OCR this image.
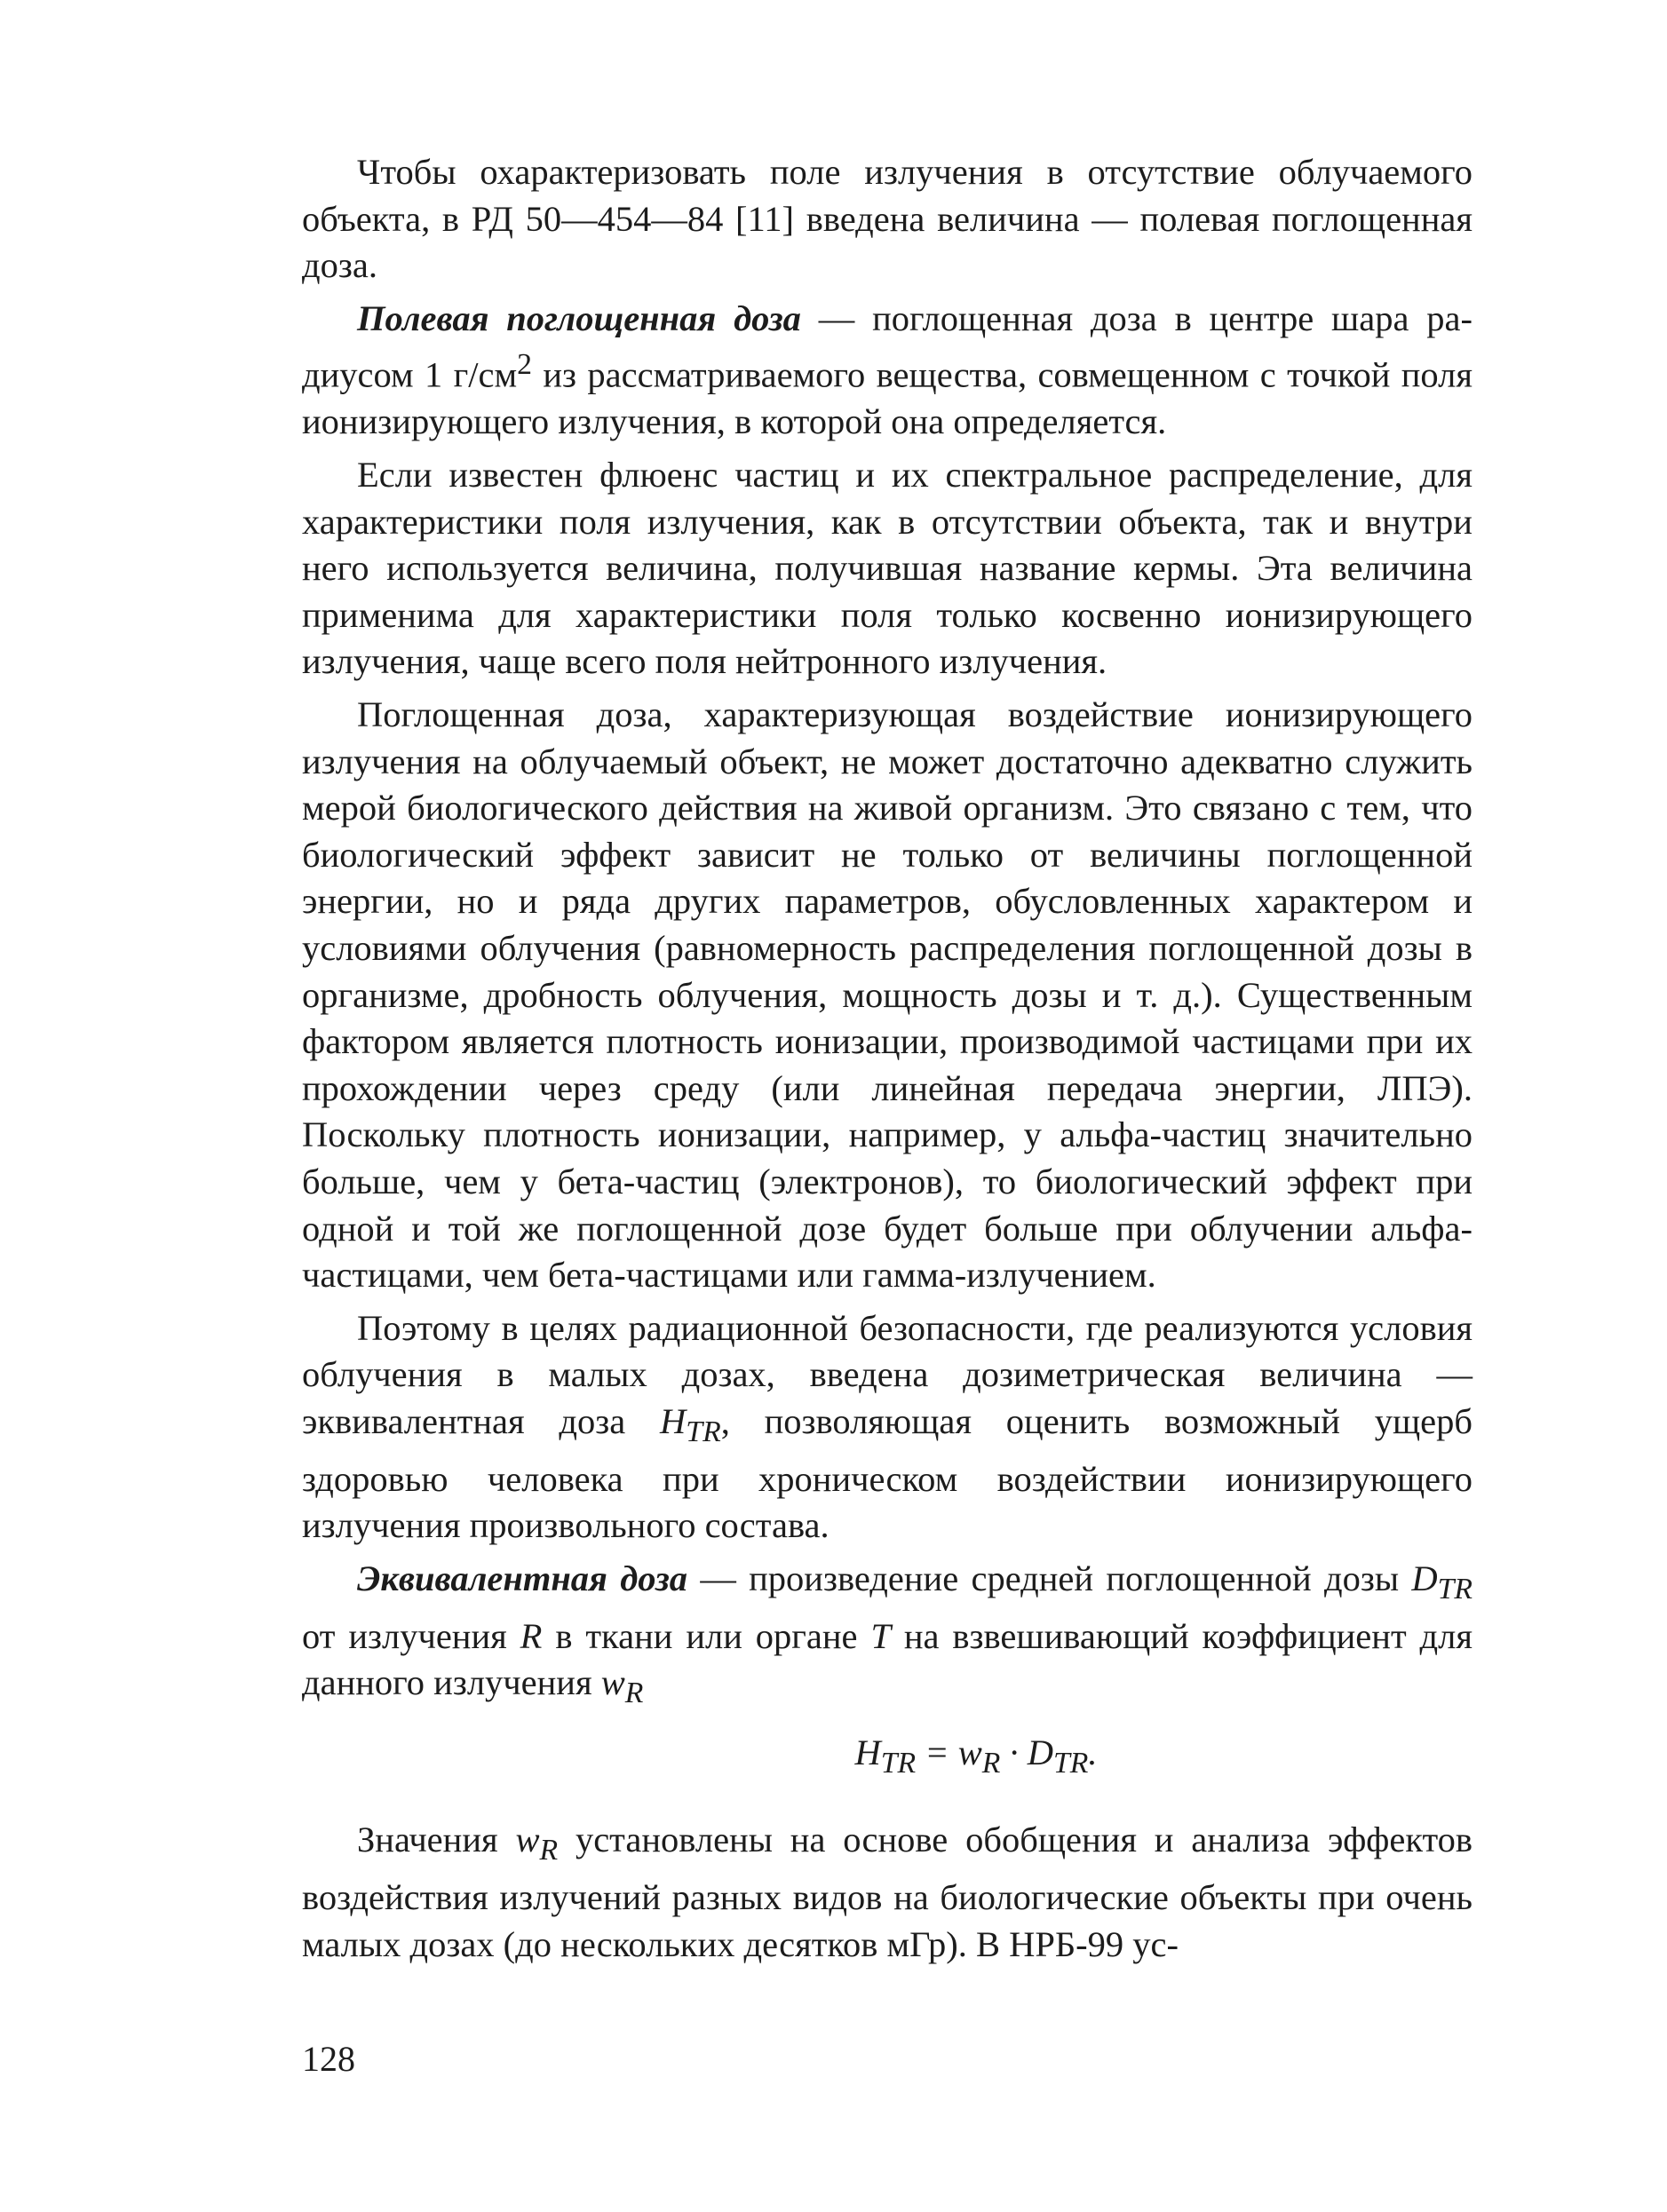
Чтобы охарактеризовать поле излучения в отсутствие облучаемого объекта, в РД 50—454—84 [11] введена величина — полевая поглощенная доза.

Полевая поглощенная доза — поглощенная доза в центре шара радиусом 1 $г/см^2$ из рассматриваемого вещества, совмещенном с точкой поля ионизирующего излучения, в которой она определяется.

Если известен флюенс частиц и их спектральное распределение, для характеристики поля излучения, как в отсутствии объекта, так и внутри него используется величина, получившая название кермы. Эта величина применима для характеристики поля только косвенно ионизирующего излучения, чаще всего поля нейтронного излучения.

Поглощенная доза, характеризующая воздействие ионизирующего излучения на облучаемый объект, не может достаточно адекватно служить мерой биологического действия на живой организм. Это связано с тем, что биологический эффект зависит не только от величины поглощенной энергии, но и ряда других параметров, обусловленных характером и условиями облучения (равномерность распределения поглощенной дозы в организме, дробность облучения, мощность дозы и т. д.). Существенным фактором является плотность ионизации, производимой частицами при их прохождении через среду (или линейная передача энергии, ЛПЭ). Поскольку плотность ионизации, например, у альфа-частиц значительно больше, чем у бета-частиц (электронов), то биологический эффект при одной и той же поглощенной дозе будет больше при облучении альфа-частицами, чем бета-частицами или гамма-излучением.

Поэтому в целях радиационной безопасности, где реализуются условия облучения в малых дозах, введена дозиметрическая величина — эквивалентная доза $H_{TR}$, позволяющая оценить возможный ущерб здоровью человека при хроническом воздействии ионизирующего излучения произвольного состава.

Эквивалентная доза — произведение средней поглощенной дозы $D_{TR}$ от излучения R в ткани или органе T на взвешивающий коэффициент для данного излучения $w_R$

$H_{TR} = w_R \cdot D_{TR}$.

Значения $w_R$ установлены на основе обобщения и анализа эффектов воздействия излучений разных видов на биологические объекты при очень малых дозах (до нескольких десятков мГр). В НРБ-99 ус-

128
